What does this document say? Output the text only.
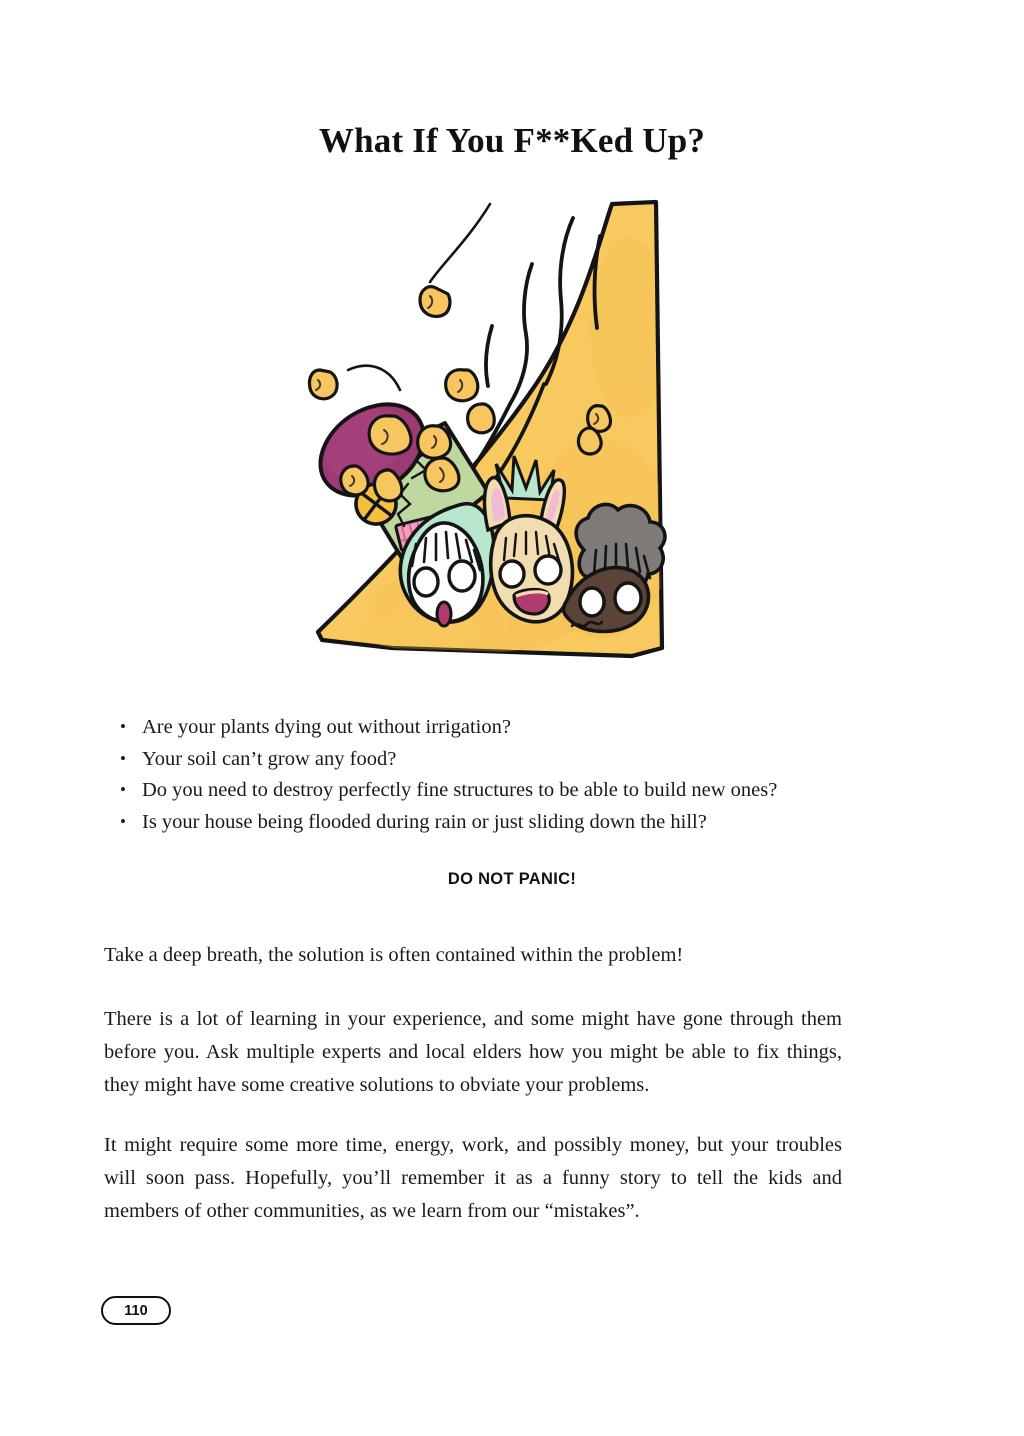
What If You F**Ked Up?
• Are your plants dying out without irrigation?
• Your soil can’t grow any food?
• Do you need to destroy perfectly fine structures to be able to build new ones?
• Is your house being flooded during rain or just sliding down the hill?
DO NOT PANIC!

Take a deep breath, the solution is often contained within the problem!

There is a lot of learning in your experience, and some might have gone through them before you. Ask multiple experts and local elders how you might be able to fix things, they might have some creative solutions to obviate your problems.

It might require some more time, energy, work, and possibly money, but your troubles will soon pass. Hopefully, you’ll remember it as a funny story to tell the kids and members of other communities, as we learn from our “mistakes”.

110
